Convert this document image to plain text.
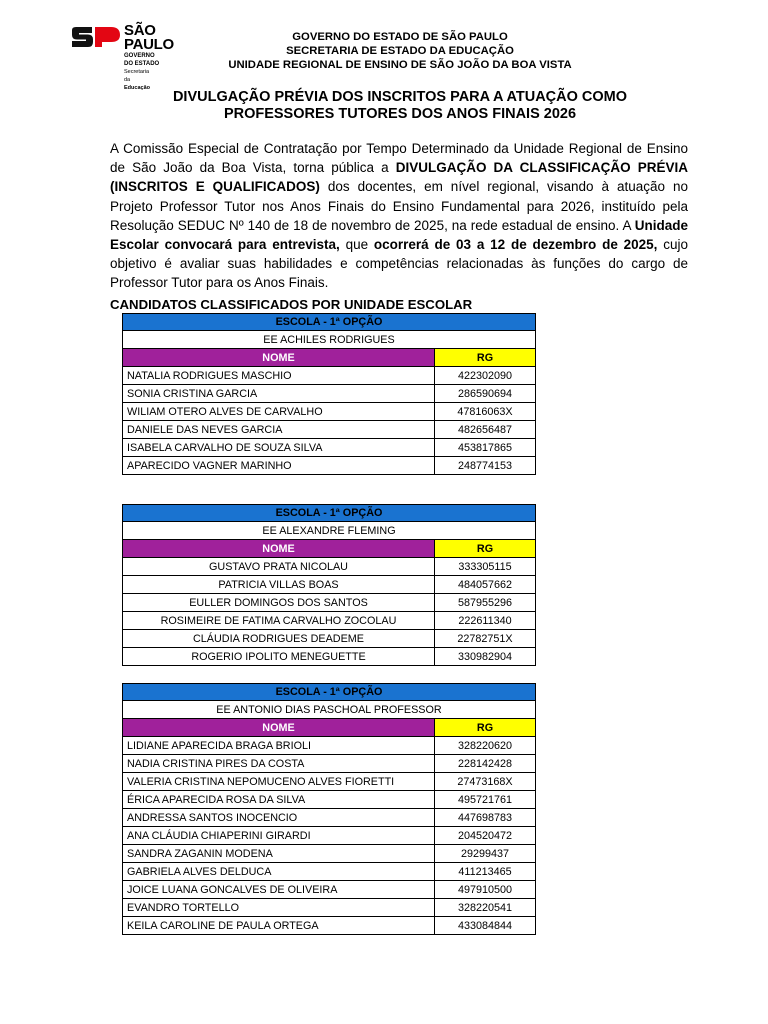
SÃO
PAULO
GOVERNO
DO ESTADO
Secretaria
da
Educação
GOVERNO DO ESTADO DE SÃO PAULO
SECRETARIA DE ESTADO DA EDUCAÇÃO
UNIDADE REGIONAL DE ENSINO DE SÃO JOÃO DA BOA VISTA
DIVULGAÇÃO PRÉVIA DOS INSCRITOS PARA A ATUAÇÃO COMO
PROFESSORES TUTORES DOS ANOS FINAIS 2026
A Comissão Especial de Contratação por Tempo Determinado da Unidade Regional de Ensino de São João da Boa Vista, torna pública a DIVULGAÇÃO DA CLASSIFICAÇÃO PRÉVIA (INSCRITOS E QUALIFICADOS) dos docentes, em nível regional, visando à atuação no Projeto Professor Tutor nos Anos Finais do Ensino Fundamental para 2026, instituído pela Resolução SEDUC Nº 140 de 18 de novembro de 2025, na rede estadual de ensino. A Unidade Escolar convocará para entrevista, que ocorrerá de 03 a 12 de dezembro de 2025, cujo objetivo é avaliar suas habilidades e competências relacionadas às funções do cargo de Professor Tutor para os Anos Finais.
CANDIDATOS CLASSIFICADOS POR UNIDADE ESCOLAR
ESCOLA - 1ª OPÇÃO	
EE ACHILES RODRIGUES	
NOME	RG
NATALIA RODRIGUES MASCHIO	422302090
SONIA CRISTINA GARCIA	286590694
WILIAM OTERO ALVES DE CARVALHO	47816063X
DANIELE DAS NEVES GARCIA	482656487
ISABELA CARVALHO DE SOUZA SILVA	453817865
APARECIDO VAGNER MARINHO	248774153
ESCOLA - 1ª OPÇÃO	
EE ALEXANDRE FLEMING	
NOME	RG
GUSTAVO PRATA NICOLAU	333305115
PATRICIA VILLAS BOAS	484057662
EULLER DOMINGOS DOS SANTOS	587955296
ROSIMEIRE DE FATIMA CARVALHO ZOCOLAU	222611340
CLÁUDIA RODRIGUES DEADEME	22782751X
ROGERIO IPOLITO MENEGUETTE	330982904
ESCOLA - 1ª OPÇÃO	
EE ANTONIO DIAS PASCHOAL PROFESSOR	
NOME	RG
LIDIANE APARECIDA BRAGA BRIOLI	328220620
NADIA CRISTINA PIRES DA COSTA	228142428
VALERIA CRISTINA NEPOMUCENO ALVES FIORETTI	27473168X
ÉRICA APARECIDA ROSA DA SILVA	495721761
ANDRESSA SANTOS INOCENCIO	447698783
ANA CLÁUDIA CHIAPERINI GIRARDI	204520472
SANDRA ZAGANIN MODENA	29299437
GABRIELA ALVES DELDUCA	411213465
JOICE LUANA GONCALVES DE OLIVEIRA	497910500
EVANDRO TORTELLO	328220541
KEILA CAROLINE DE PAULA ORTEGA	433084844
